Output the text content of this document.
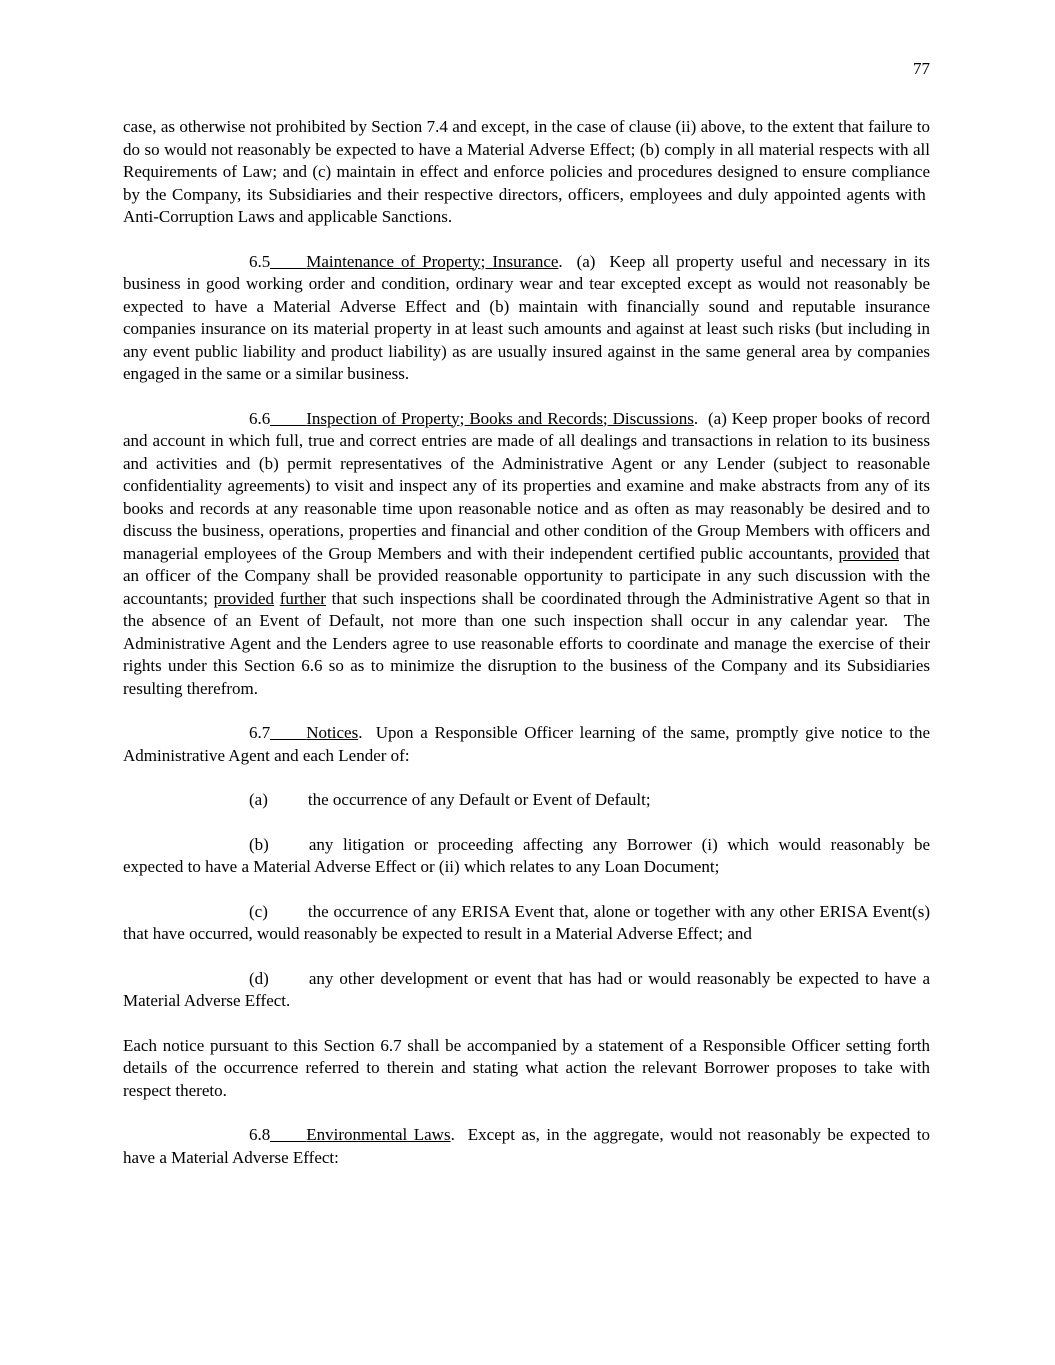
77

case, as otherwise not prohibited by Section 7.4 and except, in the case of clause (ii) above, to the extent that failure to do so would not reasonably be expected to have a Material Adverse Effect; (b) comply in all material respects with all Requirements of Law; and (c) maintain in effect and enforce policies and procedures designed to ensure compliance by the Company, its Subsidiaries and their respective directors, officers, employees and duly appointed agents with  Anti-Corruption Laws and applicable Sanctions.

6.5 Maintenance of Property; Insurance.  (a)  Keep all property useful and necessary in its business in good working order and condition, ordinary wear and tear excepted except as would not reasonably be expected to have a Material Adverse Effect and (b) maintain with financially sound and reputable insurance companies insurance on its material property in at least such amounts and against at least such risks (but including in any event public liability and product liability) as are usually insured against in the same general area by companies engaged in the same or a similar business.

6.6 Inspection of Property; Books and Records; Discussions.  (a) Keep proper books of record and account in which full, true and correct entries are made of all dealings and transactions in relation to its business and activities and (b) permit representatives of the Administrative Agent or any Lender (subject to reasonable confidentiality agreements) to visit and inspect any of its properties and examine and make abstracts from any of its books and records at any reasonable time upon reasonable notice and as often as may reasonably be desired and to discuss the business, operations, properties and financial and other condition of the Group Members with officers and managerial employees of the Group Members and with their independent certified public accountants, provided that an officer of the Company shall be provided reasonable opportunity to participate in any such discussion with the accountants; provided further that such inspections shall be coordinated through the Administrative Agent so that in the absence of an Event of Default, not more than one such inspection shall occur in any calendar year.  The Administrative Agent and the Lenders agree to use reasonable efforts to coordinate and manage the exercise of their rights under this Section 6.6 so as to minimize the disruption to the business of the Company and its Subsidiaries resulting therefrom.

6.7 Notices.  Upon a Responsible Officer learning of the same, promptly give notice to the Administrative Agent and each Lender of:

(a) the occurrence of any Default or Event of Default;

(b) any litigation or proceeding affecting any Borrower (i) which would reasonably be expected to have a Material Adverse Effect or (ii) which relates to any Loan Document;

(c) the occurrence of any ERISA Event that, alone or together with any other ERISA Event(s) that have occurred, would reasonably be expected to result in a Material Adverse Effect; and

(d) any other development or event that has had or would reasonably be expected to have a Material Adverse Effect.

Each notice pursuant to this Section 6.7 shall be accompanied by a statement of a Responsible Officer setting forth details of the occurrence referred to therein and stating what action the relevant Borrower proposes to take with respect thereto.

6.8 Environmental Laws.  Except as, in the aggregate, would not reasonably be expected to have a Material Adverse Effect:
